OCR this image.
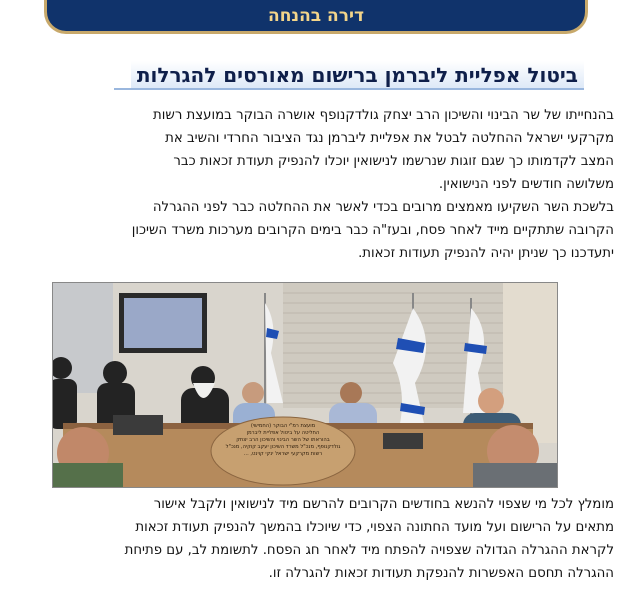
דירה בהנחה
ביטול אפליית ליברמן ברישום מאורסים להגרלות
בהנחייתו של שר הבינוי והשיכון הרב יצחק גולדקנופף אושרה הבוקר במועצת רשות
מקרקעי ישראל ההחלטה לבטל את אפליית ליברמן נגד הציבור החרדי והשיב את
המצב לקדמותו כך שגם זוגות שנרשמו לנישואין יוכלו להנפיק תעודת זכאות כבר
משלושה חודשים לפני הנישואין.
בלשכת השר השקיעו מאמצים מרובים בכדי לאשר את ההחלטה כבר לפני ההגרלה
הקרובה שתתקיים מייד לאחר פסח, ובעז"ה כבר בימים הקרובים מערכות משרד השיכון
יתעדכנו כך שניתן יהיה להנפיק תעודות זכאות.
מועצת רמ"י הבוקר (החמישי)
החליטה על ביטול אפליית ליברמן
בהוראתו של השר הבינוי והשיכון הרב יצחק
גולדקנופף, מנכ"ל משרד השיכון יעקב קוקיה, מנכ"ל
רשות מקרקעי ישראל ינקי קוינט, ...
מומלץ לכל מי שצפוי להנשא בחודשים הקרובים להרשם מיד לנישואין ולקבל אישור
מתאים על הרישום ועל מועד החתונה הצפוי, כדי שיוכלו בהמשך להנפיק תעודת זכאות
לקראת ההגרלה הגדולה שצפויה להפתח מיד לאחר חג הפסח. לתשומת לב, עם פתיחת
ההגרלה תחסם האפשרות להנפקת תעודות זכאות להגרלה זו.
